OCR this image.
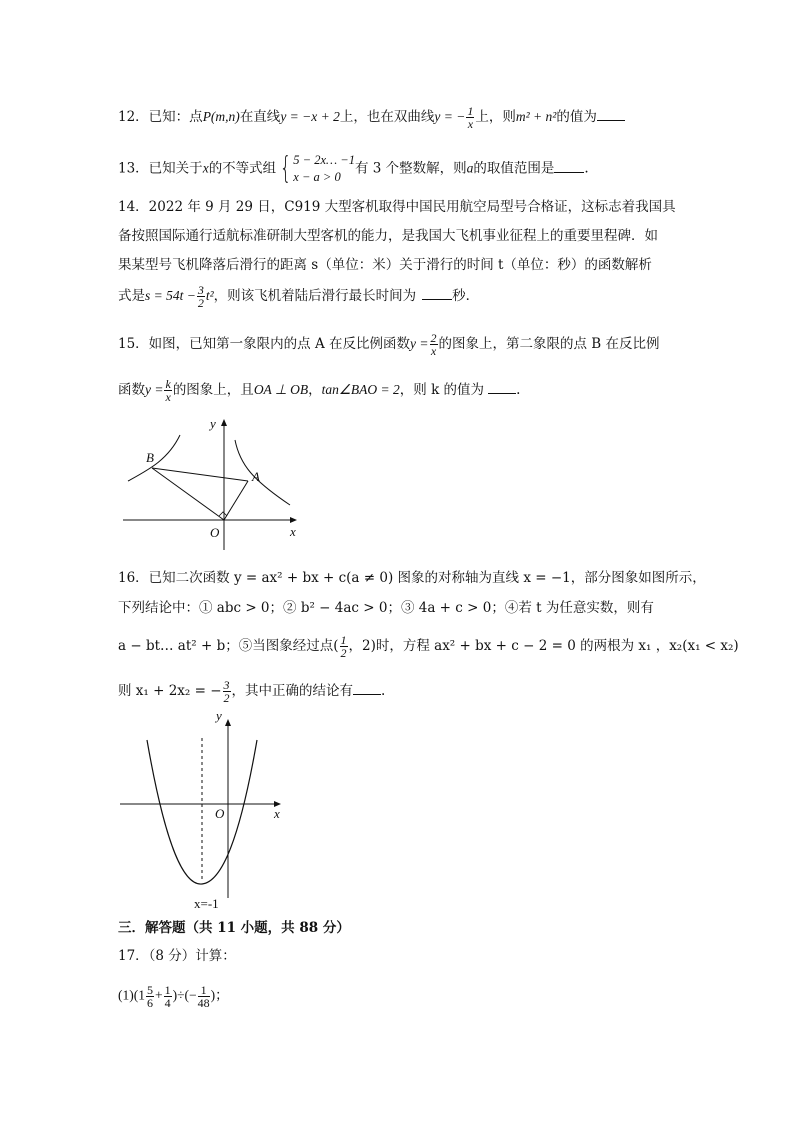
12．已知：点P(m,n)在直线y = −x + 2上，也在双曲线y = − $\frac{1}{x}$ 上，则m² + n²的值为
13．已知关于x的不等式组 { 5 − 2x… −1
x − a > 0
有 3 个整数解，则a的取值范围是 .
14．2022 年 9 月 29 日，C919 大型客机取得中国民用航空局型号合格证，这标志着我国具
备按照国际通行适航标准研制大型客机的能力，是我国大飞机事业征程上的重要里程碑．如
果某型号飞机降落后滑行的距离 s（单位：米）关于滑行的时间 t（单位：秒）的函数解析
式是$s = 54t - \frac{3}{2} t^2$，则该飞机着陆后滑行最长时间为	秒．
15．如图，已知第一象限内的点 A 在反比例函数$y = \frac{2}{x}$ 的图象上，第二象限的点 B 在反比例
函数$y = \frac{k}{x}$ 的图象上，且OA ⊥ OB，tan∠BAO = 2，则 k 的值为 .
y
x
O
A
B
16．已知二次函数 y = ax² + bx + c(a ≠ 0) 图象的对称轴为直线 x = −1，部分图象如图所示，
下列结论中：① abc > 0；② b² − 4ac > 0；③ 4a + c > 0；④若 t 为任意实数，则有
a − bt… at² + b；⑤当图象经过点( $\frac{1}{2}$ ，2)时，方程 ax² + bx + c − 2 = 0 的两根为 x₁ ，x₂(x₁ < x₂)
则 x₁ + 2x₂ = − $\frac{3}{2}$ ，其中正确的结论有 .
y
x
O
x=-1
三．解答题（共 11 小题，共 88 分）
17．（8 分）计算：
$(1)(1 \frac{5}{6} + \frac{1}{4}$ )÷(− $\frac{1}{48}$ )；
